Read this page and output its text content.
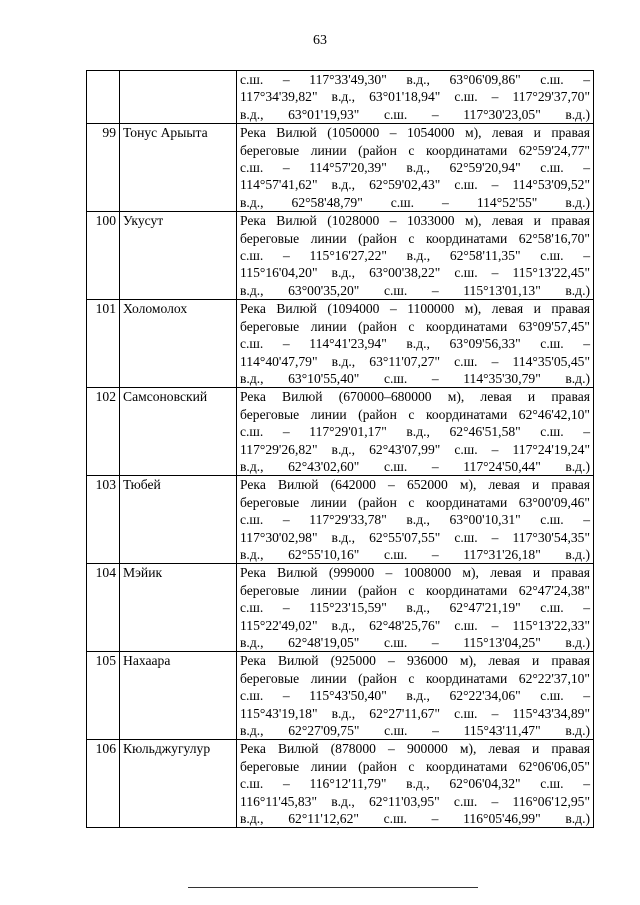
63

		с.ш. – 117°33'49,30" в.д., 63°06'09,86" с.ш. –
117°34'39,82" в.д., 63°01'18,94" с.ш. – 117°29'37,70"
в.д., 63°01'19,93" с.ш. – 117°30'23,05" в.д.)

99	Тонус Арыыта	Река Вилюй (1050000 – 1054000 м), левая и правая
береговые линии (район с координатами 62°59'24,77"
с.ш. – 114°57'20,39" в.д., 62°59'20,94" с.ш. –
114°57'41,62" в.д., 62°59'02,43" с.ш. – 114°53'09,52"
в.д., 62°58'48,79" с.ш. – 114°52'55" в.д.)

100	Укусут	Река Вилюй (1028000 – 1033000 м), левая и правая
береговые линии (район с координатами 62°58'16,70"
с.ш. – 115°16'27,22" в.д., 62°58'11,35" с.ш. –
115°16'04,20" в.д., 63°00'38,22" с.ш. – 115°13'22,45"
в.д., 63°00'35,20" с.ш. – 115°13'01,13" в.д.)

101	Холомолох	Река Вилюй (1094000 – 1100000 м), левая и правая
береговые линии (район с координатами 63°09'57,45"
с.ш. – 114°41'23,94" в.д., 63°09'56,33" с.ш. –
114°40'47,79" в.д., 63°11'07,27" с.ш. – 114°35'05,45"
в.д., 63°10'55,40" с.ш. – 114°35'30,79" в.д.)

102	Самсоновский	Река Вилюй (670000–680000 м), левая и правая
береговые линии (район с координатами 62°46'42,10"
с.ш. – 117°29'01,17" в.д., 62°46'51,58" с.ш. –
117°29'26,82" в.д., 62°43'07,99" с.ш. – 117°24'19,24"
в.д., 62°43'02,60" с.ш. – 117°24'50,44" в.д.)

103	Тюбей	Река Вилюй (642000 – 652000 м), левая и правая
береговые линии (район с координатами 63°00'09,46"
с.ш. – 117°29'33,78" в.д., 63°00'10,31" с.ш. –
117°30'02,98" в.д., 62°55'07,55" с.ш. – 117°30'54,35"
в.д., 62°55'10,16" с.ш. – 117°31'26,18" в.д.)

104	Мэйик	Река Вилюй (999000 – 1008000 м), левая и правая
береговые линии (район с координатами 62°47'24,38"
с.ш. – 115°23'15,59" в.д., 62°47'21,19" с.ш. –
115°22'49,02" в.д., 62°48'25,76" с.ш. – 115°13'22,33"
в.д., 62°48'19,05" с.ш. – 115°13'04,25" в.д.)

105	Нахаара	Река Вилюй (925000 – 936000 м), левая и правая
береговые линии (район с координатами 62°22'37,10"
с.ш. – 115°43'50,40" в.д., 62°22'34,06" с.ш. –
115°43'19,18" в.д., 62°27'11,67" с.ш. – 115°43'34,89"
в.д., 62°27'09,75" с.ш. – 115°43'11,47" в.д.)

106	Кюльджугулур	Река Вилюй (878000 – 900000 м), левая и правая
береговые линии (район с координатами 62°06'06,05"
с.ш. – 116°12'11,79" в.д., 62°06'04,32" с.ш. –
116°11'45,83" в.д., 62°11'03,95" с.ш. – 116°06'12,95"
в.д., 62°11'12,62" с.ш. – 116°05'46,99" в.д.)
